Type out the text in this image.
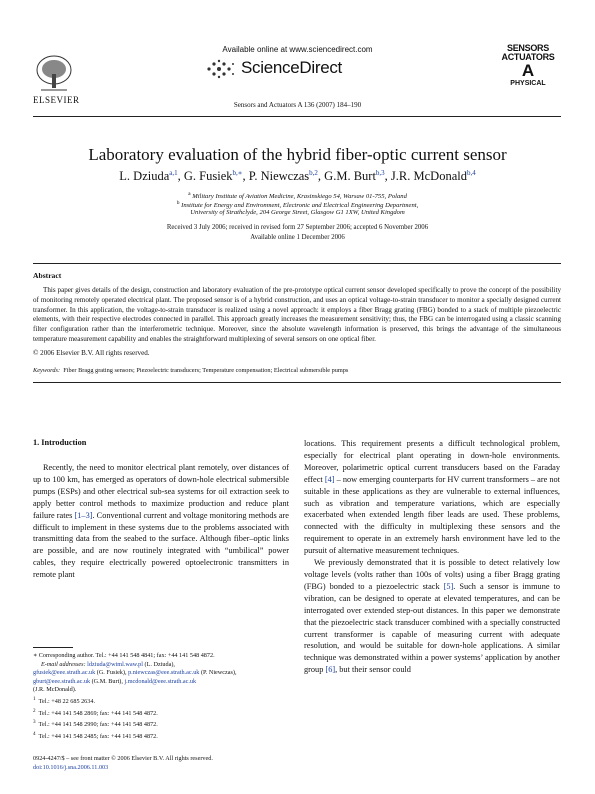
ELSEVIER
Available online at www.sciencedirect.com
ScienceDirect
Sensors and Actuators A 136 (2007) 184–190
SENSORS
ACTUATORS
A
PHYSICAL
Laboratory evaluation of the hybrid fiber-optic current sensor
L. Dziuda$^{a,1}$, G. Fusiek$^{b,∗}$, P. Niewczas$^{b,2}$, G.M. Burt$^{b,3}$, J.R. McDonald$^{b,4}$
$^a$ Military Institute of Aviation Medicine, Krasinskiego 54, Warsaw 01-755, Poland
$^b$ Institute for Energy and Environment, Electronic and Electrical Engineering Department,
University of Strathclyde, 204 George Street, Glasgow G1 1XW, United Kingdom
Received 3 July 2006; received in revised form 27 September 2006; accepted 6 November 2006
Available online 1 December 2006
Abstract
This paper gives details of the design, construction and laboratory evaluation of the pre-prototype optical current sensor developed specifically to prove the concept of the possibility of monitoring remotely operated electrical plant. The proposed sensor is of a hybrid construction, and uses an optical voltage-to-strain transducer to monitor a specially designed current transformer. In this application, the voltage-to-strain transducer is realized using a novel approach: it employs a fiber Bragg grating (FBG) bonded to a stack of multiple piezoelectric elements, with their respective electrodes connected in parallel. This approach greatly increases the measurement sensitivity; thus, the FBG can be interrogated using a classic scanning filter configuration rather than the interferometric technique. Moreover, since the absolute wavelength information is preserved, this brings the advantage of the simultaneous temperature measurement capability and enables the straightforward multiplexing of several sensors on one optical fiber.
© 2006 Elsevier B.V. All rights reserved.
Keywords: Fiber Bragg grating sensors; Piezoelectric transducers; Temperature compensation; Electrical submersible pumps
1. Introduction

Recently, the need to monitor electrical plant remotely, over distances of up to 100 km, has emerged as operators of down-hole electrical submersible pumps (ESPs) and other electrical sub-sea systems for oil extraction seek to apply better control methods to maximize production and reduce plant failure rates [1–3]. Conventional current and voltage monitoring methods are difficult to implement in these systems due to the problems associated with transmitting data from the seabed to the surface. Although fiber–optic links are possible, and are now routinely integrated with “umbilical” power cables, they require electrically powered optoelectronic transmitters in remote plant

locations. This requirement presents a difficult technological problem, especially for electrical plant operating in down-hole environments. Moreover, polarimetric optical current transducers based on the Faraday effect [4] – now emerging counterparts for HV current transformers – are not suitable in these applications as they are vulnerable to external influences, such as vibration and temperature variations, which are especially exacerbated when extended length fiber leads are used. These problems, connected with the difficulty in multiplexing these sensors and the requirement to operate in an extremely harsh environment have led to the pursuit of alternative measurement techniques.

We previously demonstrated that it is possible to detect relatively low voltage levels (volts rather than 100s of volts) using a fiber Bragg grating (FBG) bonded to a piezoelectric stack [5]. Such a sensor is immune to vibration, can be designed to operate at elevated temperatures, and can be interrogated over extended step-out distances. In this paper we demonstrate that the piezoelectric stack transducer combined with a specially constructed current transformer is capable of measuring current with adequate resolution, and would be suitable for down-hole applications. A similar technique was demonstrated within a power systems’ application by another group [6], but their sensor could

∗ Corresponding author. Tel.: +44 141 548 4841; fax: +44 141 548 4872.
E-mail addresses: ldziuda@wiml.waw.pl (L. Dziuda),
gfusiek@eee.strath.ac.uk (G. Fusiek), p.niewczas@eee.strath.ac.uk (P. Niewczas),
gburt@eee.strath.ac.uk (G.M. Burt), j.mcdonald@eee.strath.ac.uk
(J.R. McDonald).
$^1$ Tel.: +48 22 685 2634.
$^2$ Tel.: +44 141 548 2869; fax: +44 141 548 4872.
$^3$ Tel.: +44 141 548 2990; fax: +44 141 548 4872.
$^4$ Tel.: +44 141 548 2485; fax: +44 141 548 4872.
0924-4247/$ – see front matter © 2006 Elsevier B.V. All rights reserved.
doi:10.1016/j.sna.2006.11.003
